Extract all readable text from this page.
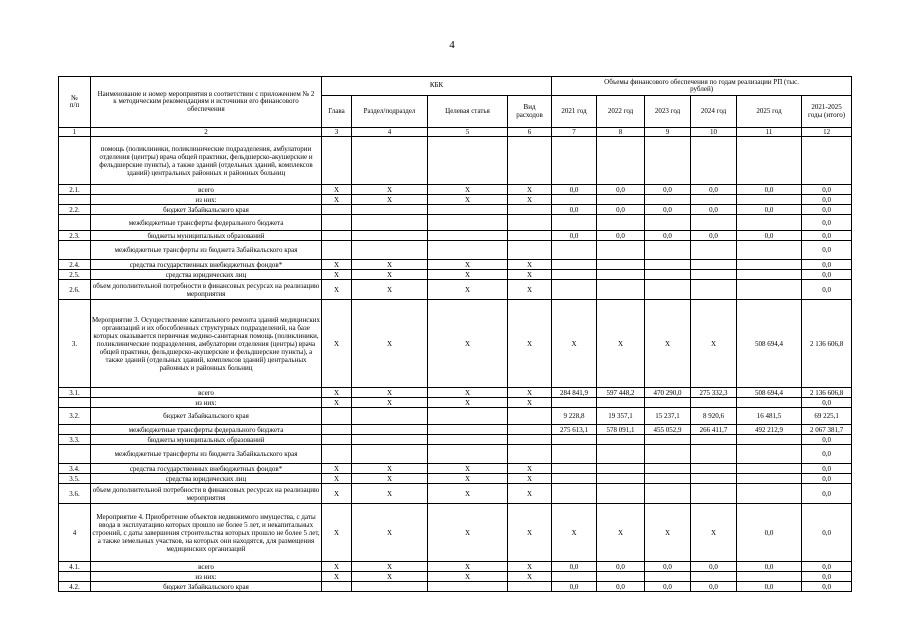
4
№
п/п	Наименование и номер мероприятия в соответствии с приложением № 2 к методическим рекомендациям и источники его финансового обеспечения	КБК				Объемы финансового обеспечения по годам реализации РП (тыс. рублей)					
		Глава	Раздел/подраздел	Целевая статья	Вид расходов	2021 год	2022 год	2023 год	2024 год	2025 год	2021-2025 годы (итого)
1	2	3	4	5	6	7	8	9	10	11	12
	помощь (поликлиники, поликлинические подразделения, амбулатории отделения (центры) врача общей практики, фельдшерско-акушерские и фельдшерские пункты), а также зданий (отдельных зданий, комплексов зданий) центральных районных и районных больниц										
2.1.	всего	X	X	X	X	0,0	0,0	0,0	0,0	0,0	0,0
	из них:	X	X	X	X						0,0
2.2.	бюджет Забайкальского края					0,0	0,0	0,0	0,0	0,0	0,0
	межбюджетные трансферты федерального бюджета										0,0
2.3.	бюджеты муниципальных образований					0,0	0,0	0,0	0,0	0,0	0,0
	межбюджетные трансферты из бюджета Забайкальского края										0,0
2.4.	средства государственных внебюджетных фондов*	X	X	X	X						0,0
2.5.	средства юридических лиц	X	X	X	X						0,0
2.6.	объем дополнительной потребности в финансовых ресурсах на реализацию мероприятия	X	X	X	X						0,0
3.	Мероприятие 3. Осуществление капитального ремонта зданий медицинских организаций и их обособленных структурных подразделений, на базе которых оказывается первичная медико-санитарная помощь (поликлиники, поликлинические подразделения, амбулатории отделения (центры) врача общей практики, фельдшерско-акушерские и фельдшерские пункты), а также зданий (отдельных зданий, комплексов зданий) центральных районных и районных больниц	X	X	X	X	X	X	X	X	508 694,4	2 136 606,8
3.1.	всего	X	X	X	X	284 841,9	597 448,2	470 290,0	275 332,3	508 694,4	2 136 606,8
	из них:	X	X	X	X						0,0
3.2.	бюджет Забайкальского края					9 228,8	19 357,1	15 237,1	8 920,6	16 481,5	69 225,1
	межбюджетные трансферты федерального бюджета					275 613,1	578 091,1	455 052,9	266 411,7	492 212,9	2 067 381,7
3.3.	бюджеты муниципальных образований										0,0
	межбюджетные трансферты из бюджета Забайкальского края										0,0
3.4.	средства государственных внебюджетных фондов*	X	X	X	X						0,0
3.5.	средства юридических лиц	X	X	X	X						0,0
3.6.	объем дополнительной потребности в финансовых ресурсах на реализацию мероприятия	X	X	X	X						0,0
4	Мероприятие 4. Приобретение объектов недвижимого имущества, с даты ввода в эксплуатацию которых прошло не более 5 лет, и некапитальных строений, с даты завершения строительства которых прошло не более 5 лет, а также земельных участков, на которых они находятся, для размещения медицинских организаций	X	X	X	X	X	X	X	X	0,0	0,0
4.1.	всего	X	X	X	X	0,0	0,0	0,0	0,0	0,0	0,0
	из них:	X	X	X	X						0,0
4.2.	бюджет Забайкальского края					0,0	0,0	0,0	0,0	0,0	0,0
